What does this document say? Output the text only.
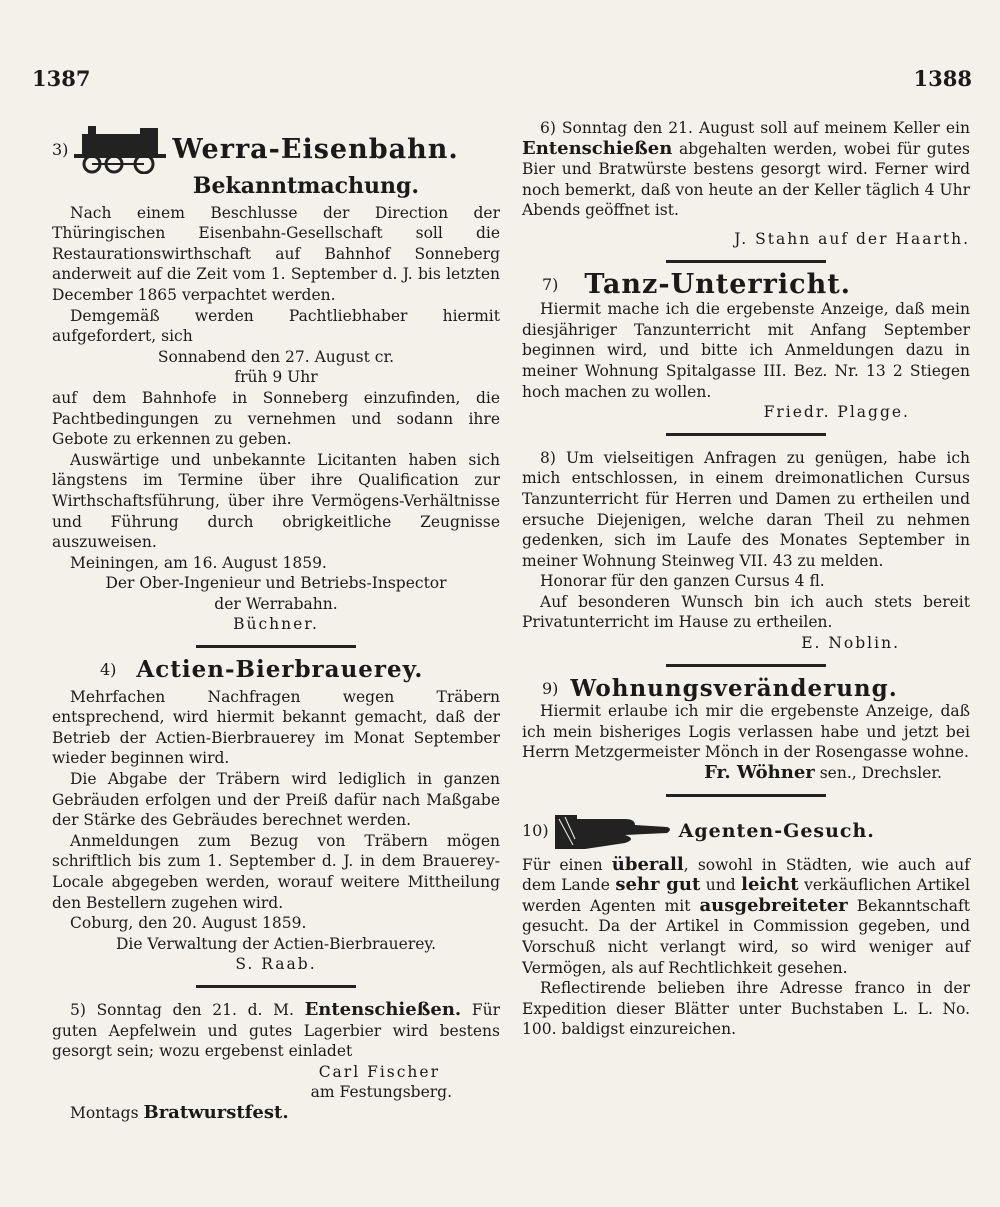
1387	1388
3)	Werra-Eisenbahn.
Bekanntmachung.
Nach einem Beschlusse der Direction der Thüringischen Eisenbahn-Gesellschaft soll die Restaurationswirthschaft auf Bahnhof Sonneberg anderweit auf die Zeit vom 1. September d. J. bis letzten December 1865 verpachtet werden.
Demgemäß werden Pachtliebhaber hiermit aufgefordert, sich
Sonnabend den 27. August cr.
früh 9 Uhr
auf dem Bahnhofe in Sonneberg einzufinden, die Pachtbedingungen zu vernehmen und sodann ihre Gebote zu erkennen zu geben.
Auswärtige und unbekannte Licitanten haben sich längstens im Termine über ihre Qualification zur Wirthschaftsführung, über ihre Vermögens-Verhältnisse und Führung durch obrigkeitliche Zeugnisse auszuweisen.
Meiningen, am 16. August 1859.
Der Ober-Ingenieur und Betriebs-Inspector
der Werrabahn.
Büchner.
4) Actien-Bierbrauerey.
Mehrfachen Nachfragen wegen Träbern entsprechend, wird hiermit bekannt gemacht, daß der Betrieb der Actien-Bierbrauerey im Monat September wieder beginnen wird.
Die Abgabe der Träbern wird lediglich in ganzen Gebräuden erfolgen und der Preiß dafür nach Maßgabe der Stärke des Gebräudes berechnet werden.
Anmeldungen zum Bezug von Träbern mögen schriftlich bis zum 1. September d. J. in dem Brauerey-Locale abgegeben werden, worauf weitere Mittheilung den Bestellern zugehen wird.
Coburg, den 20. August 1859.
Die Verwaltung der Actien-Bierbrauerey.
S. Raab.
5) Sonntag den 21. d. M. Entenschießen. Für guten Aepfelwein und gutes Lagerbier wird bestens gesorgt sein; wozu ergebenst einladet
Carl Fischer
am Festungsberg.
Montags Bratwurstfest.
6) Sonntag den 21. August soll auf meinem Keller ein Entenschießen abgehalten werden, wobei für gutes Bier und Bratwürste bestens gesorgt wird. Ferner wird noch bemerkt, daß von heute an der Keller täglich 4 Uhr Abends geöffnet ist.
J. Stahn auf der Haarth.
7) Tanz-Unterricht.
Hiermit mache ich die ergebenste Anzeige, daß mein diesjähriger Tanzunterricht mit Anfang September beginnen wird, und bitte ich Anmeldungen dazu in meiner Wohnung Spitalgasse III. Bez. Nr. 13 2 Stiegen hoch machen zu wollen.
Friedr. Plagge.
8) Um vielseitigen Anfragen zu genügen, habe ich mich entschlossen, in einem dreimonatlichen Cursus Tanzunterricht für Herren und Damen zu ertheilen und ersuche Diejenigen, welche daran Theil zu nehmen gedenken, sich im Laufe des Monates September in meiner Wohnung Steinweg VII. 43 zu melden.
Honorar für den ganzen Cursus 4 fl.
Auf besonderen Wunsch bin ich auch stets bereit Privatunterricht im Hause zu ertheilen.
E. Noblin.
9) Wohnungsveränderung.
Hiermit erlaube ich mir die ergebenste Anzeige, daß ich mein bisheriges Logis verlassen habe und jetzt bei Herrn Metzgermeister Mönch in der Rosengasse wohne.
Fr. Wöhner sen., Drechsler.
10)	Agenten-Gesuch.
Für einen überall, sowohl in Städten, wie auch auf dem Lande sehr gut und leicht verkäuflichen Artikel werden Agenten mit ausgebreiteter Bekanntschaft gesucht. Da der Artikel in Commission gegeben, und Vorschuß nicht verlangt wird, so wird weniger auf Vermögen, als auf Rechtlichkeit gesehen.
Reflectirende belieben ihre Adresse franco in der Expedition dieser Blätter unter Buchstaben L. L. No. 100. baldigst einzureichen.
